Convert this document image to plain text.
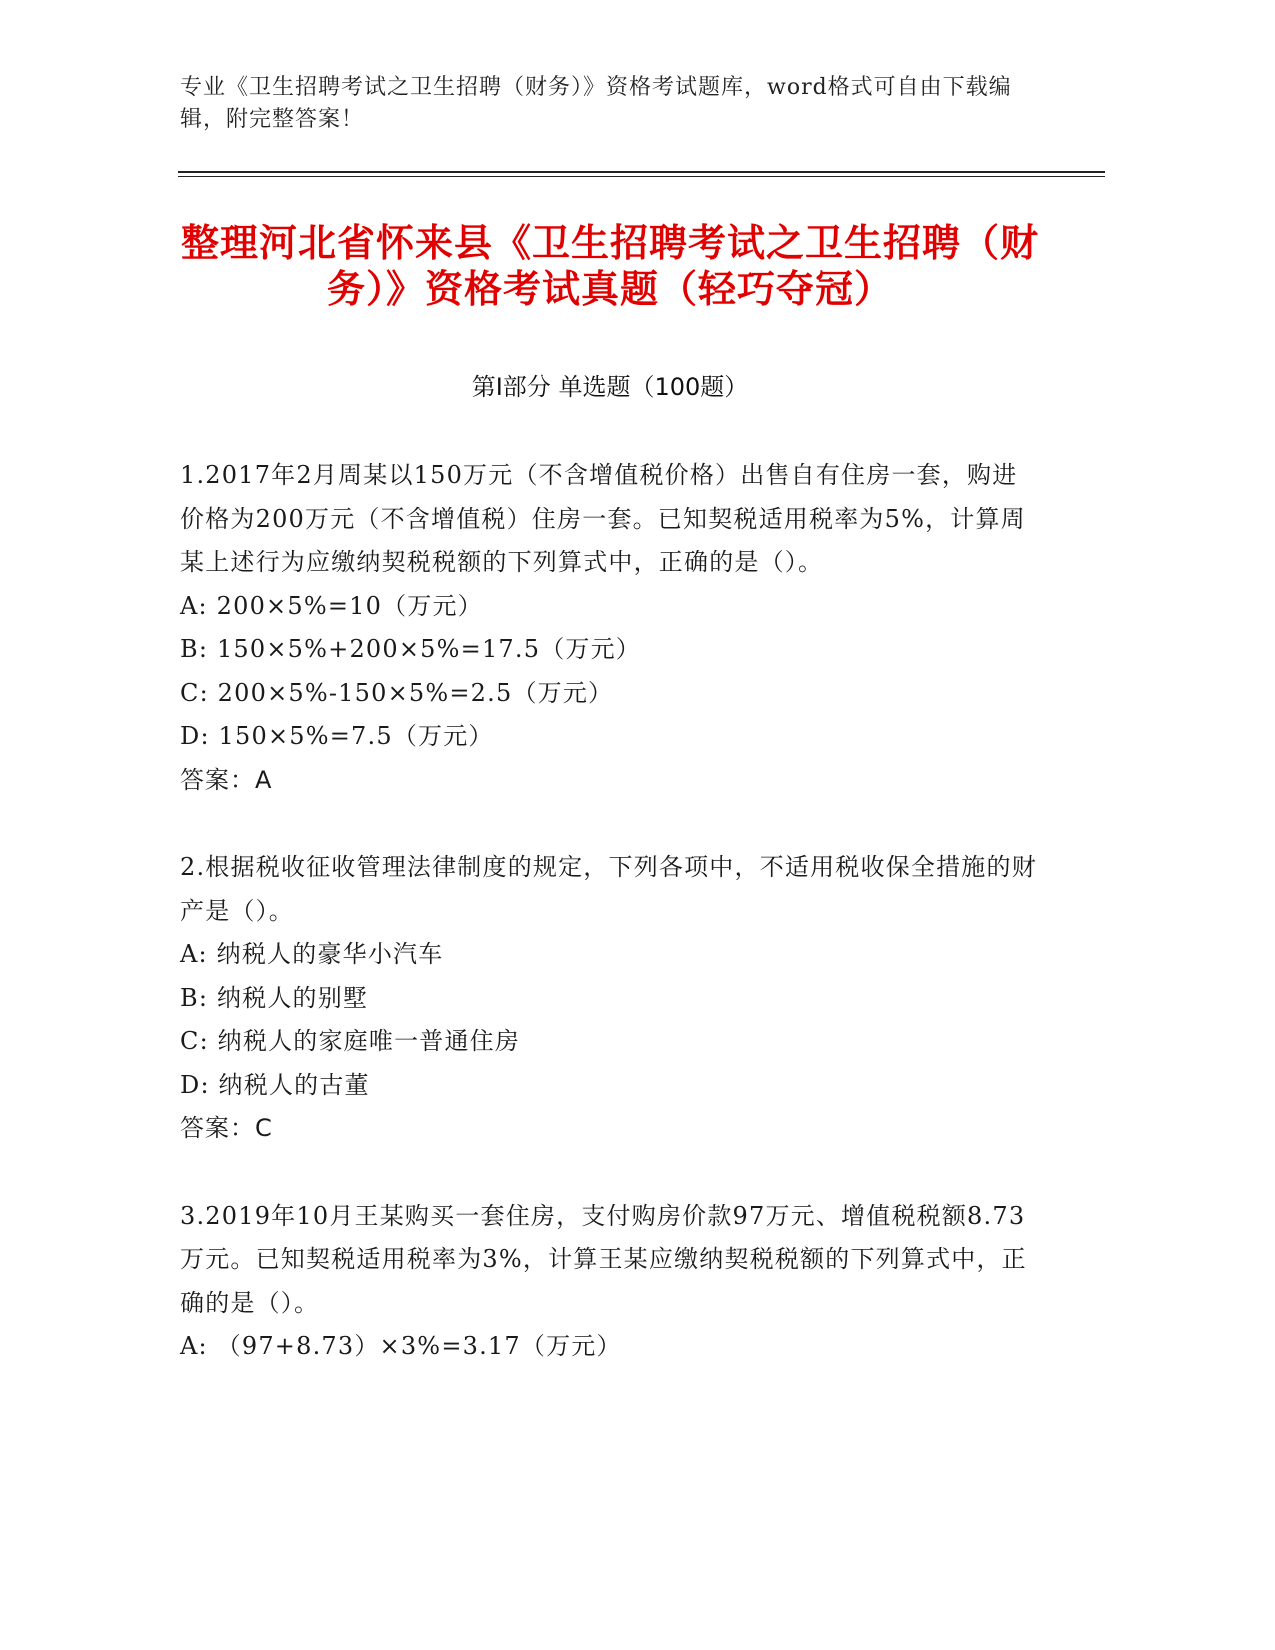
专业《卫生招聘考试之卫生招聘（财务）》资格考试题库，word格式可自由下载编辑，附完整答案！
整理河北省怀来县《卫生招聘考试之卫生招聘（财务）》资格考试真题（轻巧夺冠）
第Ⅰ部分 单选题（100题）
1.2017年2月周某以150万元（不含增值税价格）出售自有住房一套，购进价格为200万元（不含增值税）住房一套。已知契税适用税率为5%，计算周某上述行为应缴纳契税税额的下列算式中，正确的是（）。
A: 200×5%=10（万元）
B: 150×5%+200×5%=17.5（万元）
C: 200×5%-150×5%=2.5（万元）
D: 150×5%=7.5（万元）
答案：A
2.根据税收征收管理法律制度的规定，下列各项中，不适用税收保全措施的财产是（）。
A: 纳税人的豪华小汽车
B: 纳税人的别墅
C: 纳税人的家庭唯一普通住房
D: 纳税人的古董
答案：C
3.2019年10月王某购买一套住房，支付购房价款97万元、增值税税额8.73万元。已知契税适用税率为3%，计算王某应缴纳契税税额的下列算式中，正确的是（）。
A: （97+8.73）×3%=3.17（万元）
